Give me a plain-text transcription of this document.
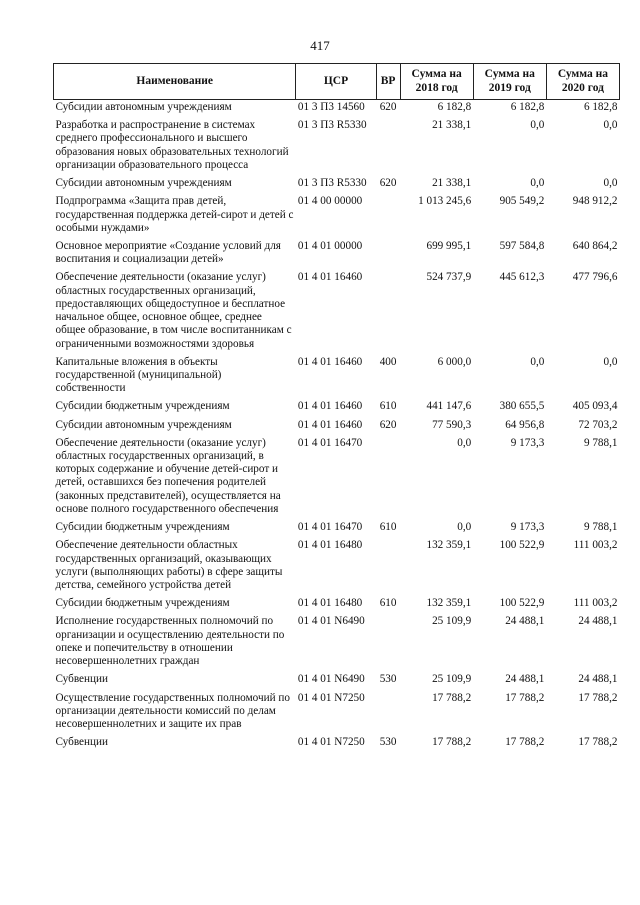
417
Наименование	ЦСР	ВР	Сумма на 2018 год	Сумма на 2019 год	Сумма на 2020 год
Субсидии автономным учреждениям	01 3 П3 14560	620	6 182,8	6 182,8	6 182,8
Разработка и распространение в системах среднего профессионального и высшего образования новых образовательных технологий организации образовательного процесса	01 3 П3 R5330		21 338,1	0,0	0,0
Субсидии автономным учреждениям	01 3 П3 R5330	620	21 338,1	0,0	0,0
Подпрограмма «Защита прав детей, государственная поддержка детей-сирот и детей с особыми нуждами»	01 4 00 00000		1 013 245,6	905 549,2	948 912,2
Основное мероприятие «Создание условий для воспитания и социализации детей»	01 4 01 00000		699 995,1	597 584,8	640 864,2
Обеспечение деятельности (оказание услуг) областных государственных организаций, предоставляющих общедоступное и бесплатное начальное общее, основное общее, среднее общее образование, в том числе воспитанникам с ограниченными возможностями здоровья	01 4 01 16460		524 737,9	445 612,3	477 796,6
Капитальные вложения в объекты государственной (муниципальной) собственности	01 4 01 16460	400	6 000,0	0,0	0,0
Субсидии бюджетным учреждениям	01 4 01 16460	610	441 147,6	380 655,5	405 093,4
Субсидии автономным учреждениям	01 4 01 16460	620	77 590,3	64 956,8	72 703,2
Обеспечение деятельности (оказание услуг) областных государственных организаций, в которых содержание и обучение детей-сирот и детей, оставшихся без попечения родителей (законных представителей), осуществляется на основе полного государственного обеспечения	01 4 01 16470		0,0	9 173,3	9 788,1
Субсидии бюджетным учреждениям	01 4 01 16470	610	0,0	9 173,3	9 788,1
Обеспечение деятельности областных государственных организаций, оказывающих услуги (выполняющих работы) в сфере защиты детства, семейного устройства детей	01 4 01 16480		132 359,1	100 522,9	111 003,2
Субсидии бюджетным учреждениям	01 4 01 16480	610	132 359,1	100 522,9	111 003,2
Исполнение государственных полномочий по организации и осуществлению деятельности по опеке и попечительству в отношении несовершеннолетних граждан	01 4 01 N6490		25 109,9	24 488,1	24 488,1
Субвенции	01 4 01 N6490	530	25 109,9	24 488,1	24 488,1
Осуществление государственных полномочий по организации деятельности комиссий по делам несовершеннолетних и защите их прав	01 4 01 N7250		17 788,2	17 788,2	17 788,2
Субвенции	01 4 01 N7250	530	17 788,2	17 788,2	17 788,2
